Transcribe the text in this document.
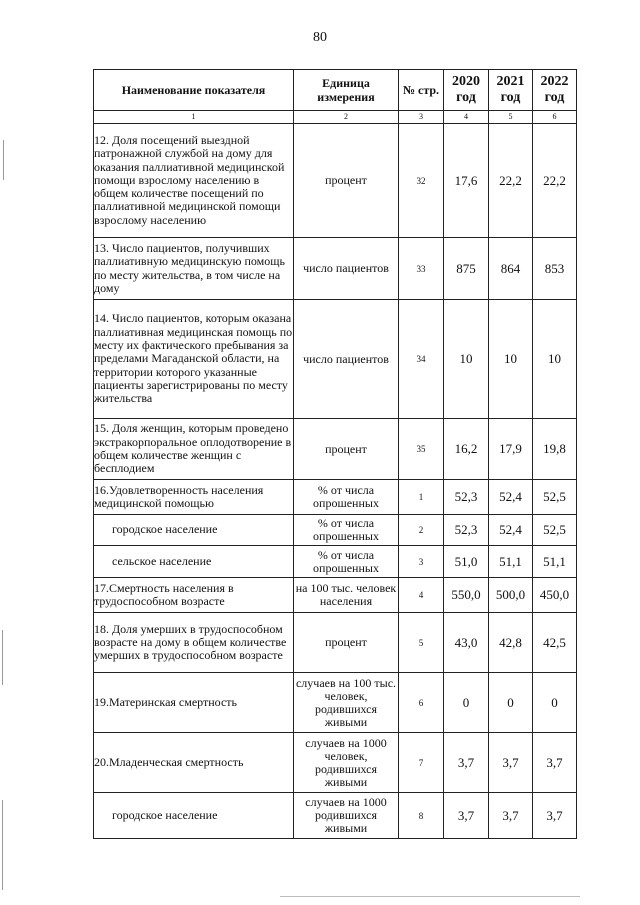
80
Наименование показателя	Единица измерения	№ стр.	2020 год	2021 год	2022 год
1	2	3	4	5	6
12. Доля посещений выездной патронажной службой на дому для оказания паллиативной медицинской помощи взрослому населению в общем количестве посещений по паллиативной медицинской помощи взрослому населению	процент	32	17,6	22,2	22,2
13. Число пациентов, получивших паллиативную медицинскую помощь по месту жительства, в том числе на дому	число пациентов	33	875	864	853
14. Число пациентов, которым оказана паллиативная медицинская помощь по месту их фактического пребывания за пределами Магаданской области, на территории которого указанные пациенты зарегистрированы по месту жительства	число пациентов	34	10	10	10
15. Доля женщин, которым проведено экстракорпоральное оплодотворение в общем количестве женщин с бесплодием	процент	35	16,2	17,9	19,8
16.Удовлетворенность населения медицинской помощью	% от числа опрошенных	1	52,3	52,4	52,5
городское население	% от числа опрошенных	2	52,3	52,4	52,5
сельское население	% от числа опрошенных	3	51,0	51,1	51,1
17.Смертность населения в трудоспособном возрасте	на 100 тыс. человек населения	4	550,0	500,0	450,0
18. Доля умерших в трудоспособном возрасте на дому в общем количестве умерших в трудоспособном возрасте	процент	5	43,0	42,8	42,5
19.Материнская смертность	случаев на 100 тыс. человек, родившихся живыми	6	0	0	0
20.Младенческая смертность	случаев на 1000 человек, родившихся живыми	7	3,7	3,7	3,7
городское население	случаев на 1000 родившихся живыми	8	3,7	3,7	3,7
